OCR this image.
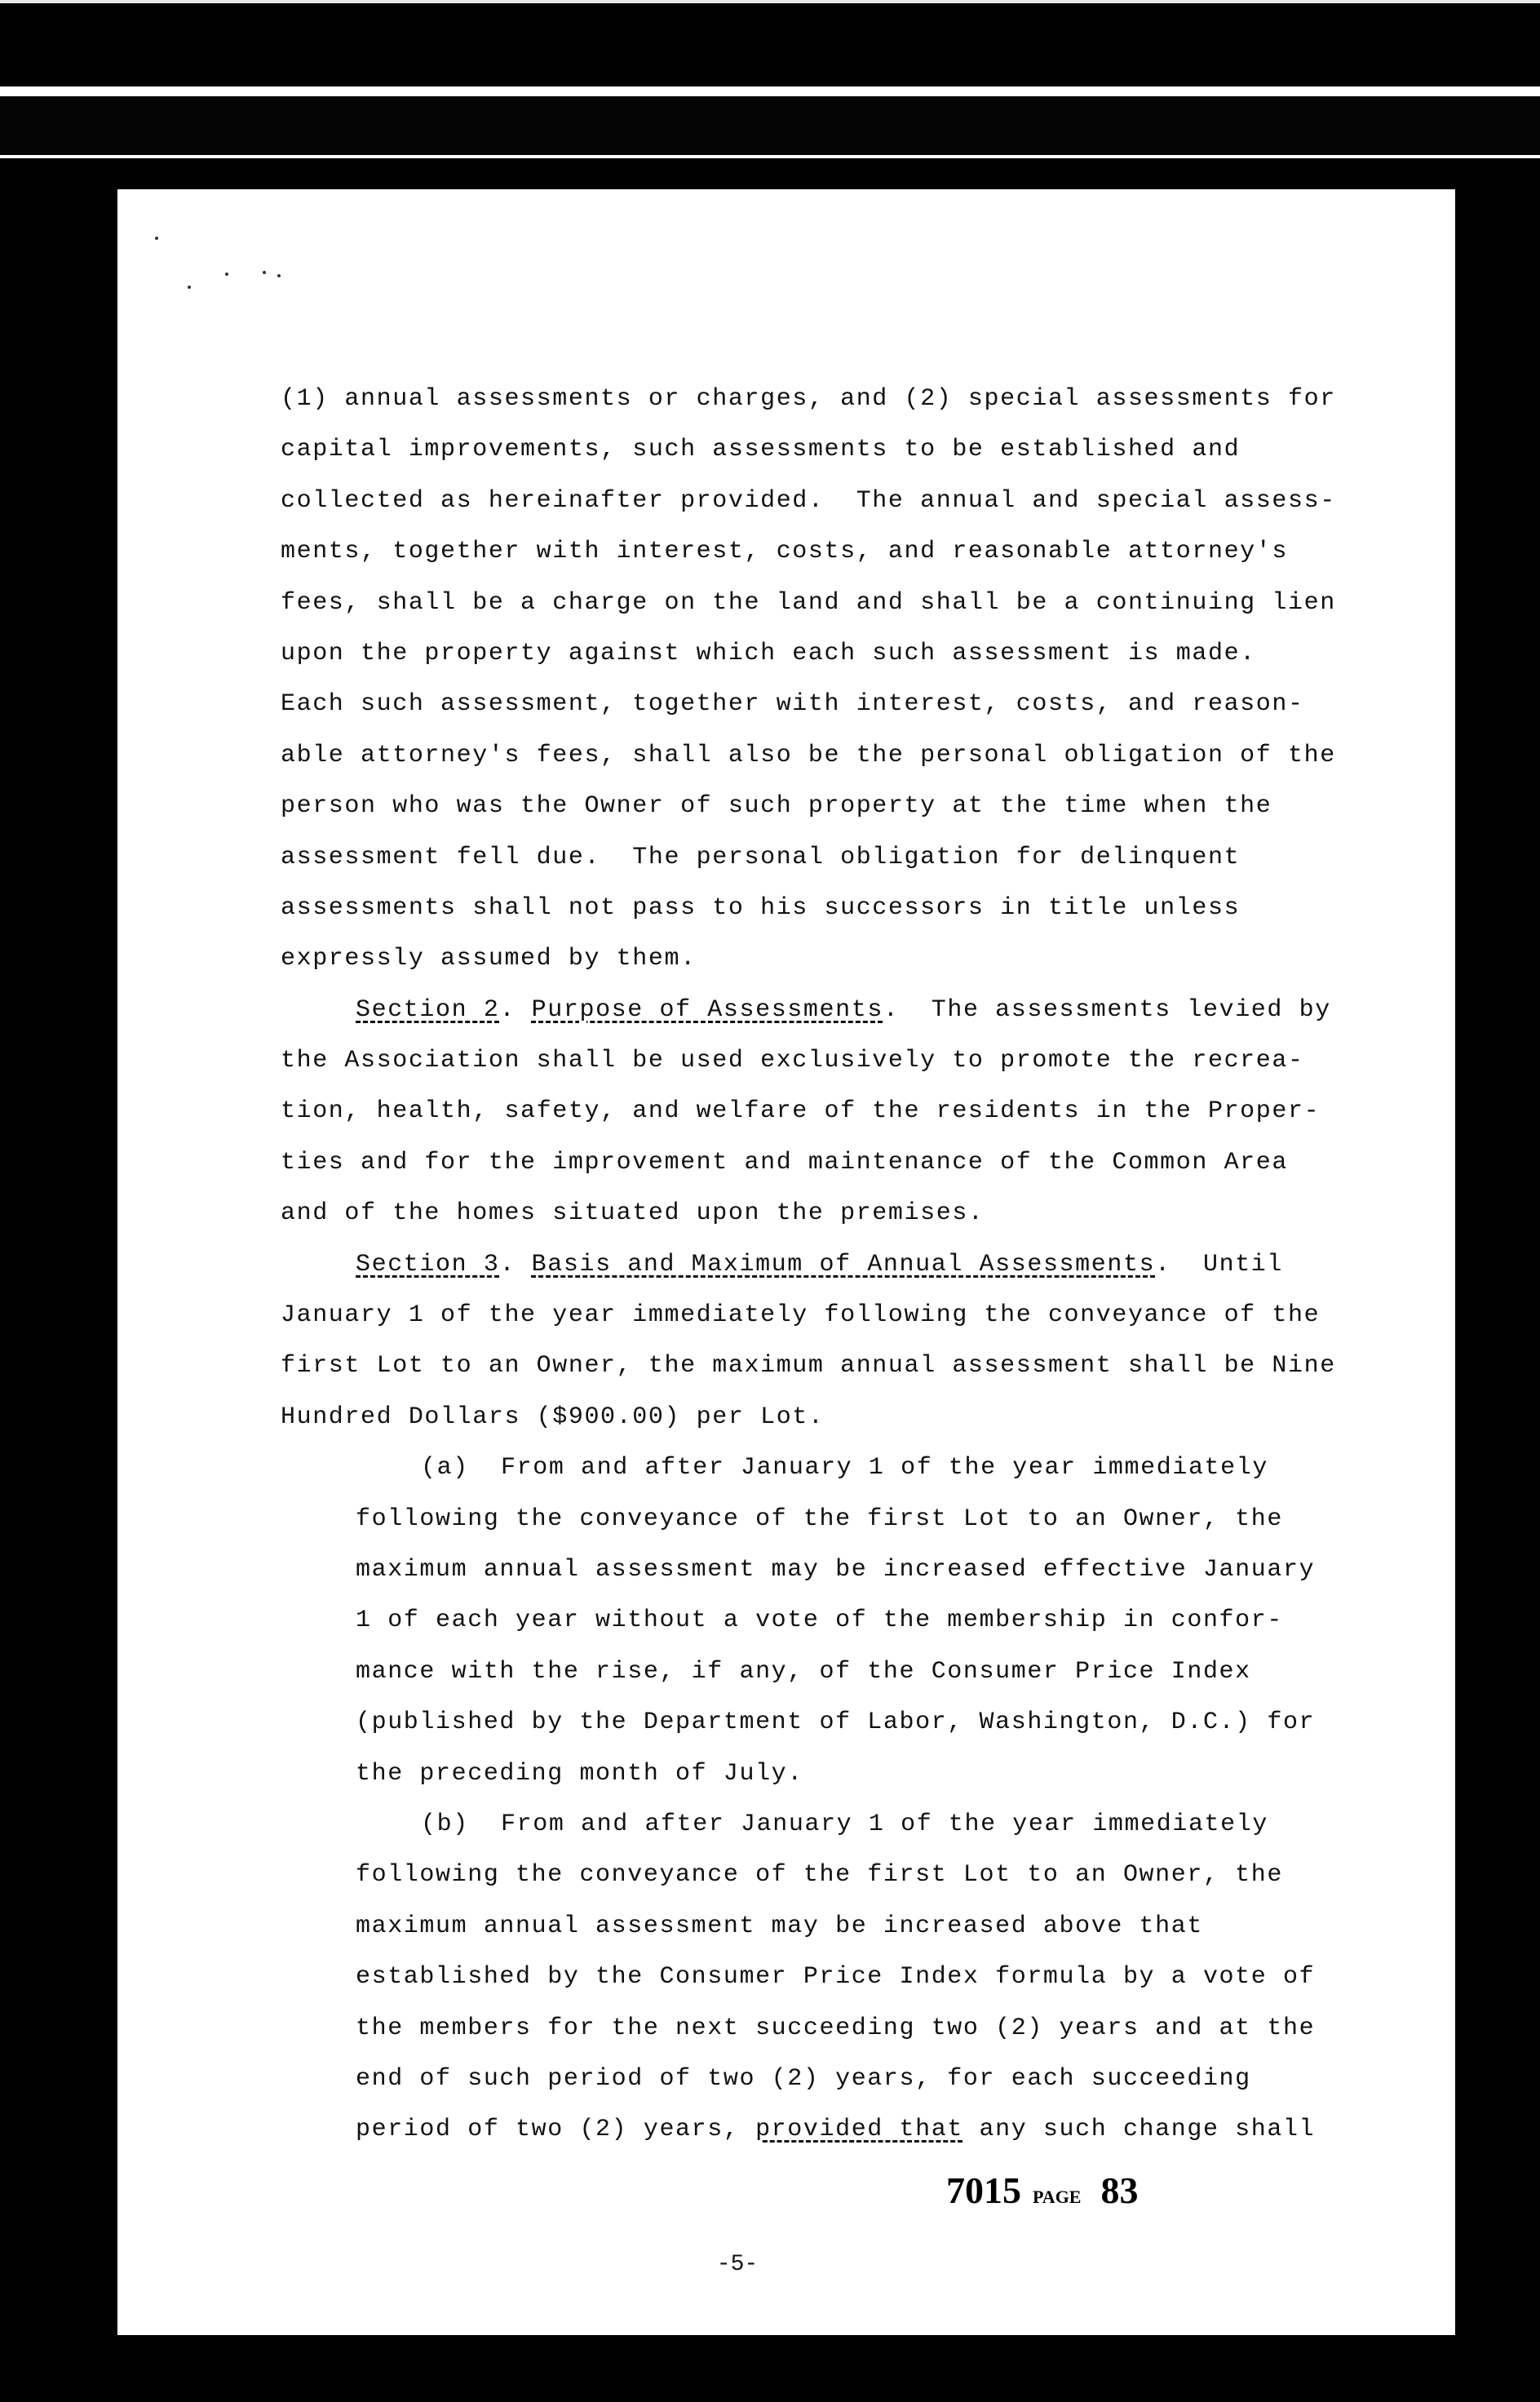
(1) annual assessments or charges, and (2) special assessments for
capital improvements, such assessments to be established and
collected as hereinafter provided.  The annual and special assess-
ments, together with interest, costs, and reasonable attorney's
fees, shall be a charge on the land and shall be a continuing lien
upon the property against which each such assessment is made.
Each such assessment, together with interest, costs, and reason-
able attorney's fees, shall also be the personal obligation of the
person who was the Owner of such property at the time when the
assessment fell due.  The personal obligation for delinquent
assessments shall not pass to his successors in title unless
expressly assumed by them.
Section 2. Purpose of Assessments.  The assessments levied by
the Association shall be used exclusively to promote the recrea-
tion, health, safety, and welfare of the residents in the Proper-
ties and for the improvement and maintenance of the Common Area
and of the homes situated upon the premises.
Section 3. Basis and Maximum of Annual Assessments.  Until
January 1 of the year immediately following the conveyance of the
first Lot to an Owner, the maximum annual assessment shall be Nine
Hundred Dollars ($900.00) per Lot.
(a)  From and after January 1 of the year immediately
following the conveyance of the first Lot to an Owner, the
maximum annual assessment may be increased effective January
1 of each year without a vote of the membership in confor-
mance with the rise, if any, of the Consumer Price Index
(published by the Department of Labor, Washington, D.C.) for
the preceding month of July.
(b)  From and after January 1 of the year immediately
following the conveyance of the first Lot to an Owner, the
maximum annual assessment may be increased above that
established by the Consumer Price Index formula by a vote of
the members for the next succeeding two (2) years and at the
end of such period of two (2) years, for each succeeding
period of two (2) years, provided that any such change shall
7015 PAGE 83
-5-
